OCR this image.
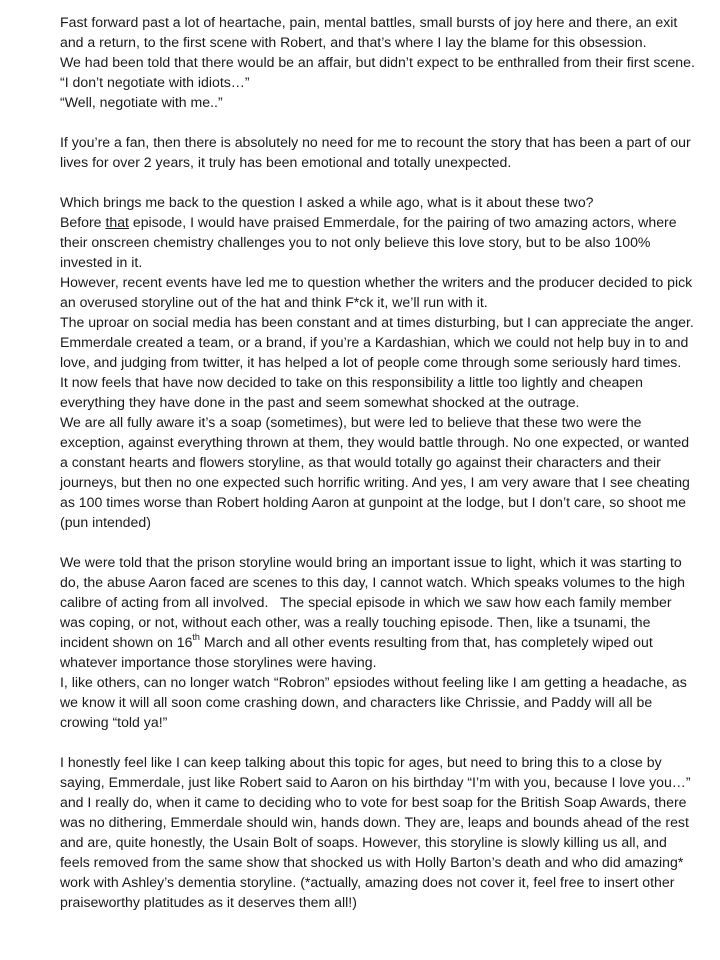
Fast forward past a lot of heartache, pain, mental battles, small bursts of joy here and there, an exit and a return, to the first scene with Robert, and that’s where I lay the blame for this obsession.

We had been told that there would be an affair, but didn’t expect to be enthralled from their first scene.

“I don’t negotiate with idiots…”

“Well, negotiate with me..”

If you’re a fan, then there is absolutely no need for me to recount the story that has been a part of our lives for over 2 years, it truly has been emotional and totally unexpected.

Which brings me back to the question I asked a while ago, what is it about these two?

Before that episode, I would have praised Emmerdale, for the pairing of two amazing actors, where their onscreen chemistry challenges you to not only believe this love story, but to be also 100% invested in it.

However, recent events have led me to question whether the writers and the producer decided to pick an overused storyline out of the hat and think F*ck it, we’ll run with it.

The uproar on social media has been constant and at times disturbing, but I can appreciate the anger. Emmerdale created a team, or a brand, if you’re a Kardashian, which we could not help buy in to and love, and judging from twitter, it has helped a lot of people come through some seriously hard times.

It now feels that have now decided to take on this responsibility a little too lightly and cheapen everything they have done in the past and seem somewhat shocked at the outrage.

We are all fully aware it’s a soap (sometimes), but were led to believe that these two were the exception, against everything thrown at them, they would battle through. No one expected, or wanted a constant hearts and flowers storyline, as that would totally go against their characters and their journeys, but then no one expected such horrific writing. And yes, I am very aware that I see cheating as 100 times worse than Robert holding Aaron at gunpoint at the lodge, but I don’t care, so shoot me (pun intended)

We were told that the prison storyline would bring an important issue to light, which it was starting to do, the abuse Aaron faced are scenes to this day, I cannot watch. Which speaks volumes to the high calibre of acting from all involved.   The special episode in which we saw how each family member was coping, or not, without each other, was a really touching episode. Then, like a tsunami, the incident shown on 16th March and all other events resulting from that, has completely wiped out whatever importance those storylines were having.

I, like others, can no longer watch “Robron” epsiodes without feeling like I am getting a headache, as we know it will all soon come crashing down, and characters like Chrissie, and Paddy will all be crowing “told ya!”

I honestly feel like I can keep talking about this topic for ages, but need to bring this to a close by saying, Emmerdale, just like Robert said to Aaron on his birthday “I’m with you, because I love you…” and I really do, when it came to deciding who to vote for best soap for the British Soap Awards, there was no dithering, Emmerdale should win, hands down. They are, leaps and bounds ahead of the rest and are, quite honestly, the Usain Bolt of soaps. However, this storyline is slowly killing us all, and feels removed from the same show that shocked us with Holly Barton’s death and who did amazing* work with Ashley’s dementia storyline. (*actually, amazing does not cover it, feel free to insert other praiseworthy platitudes as it deserves them all!)
